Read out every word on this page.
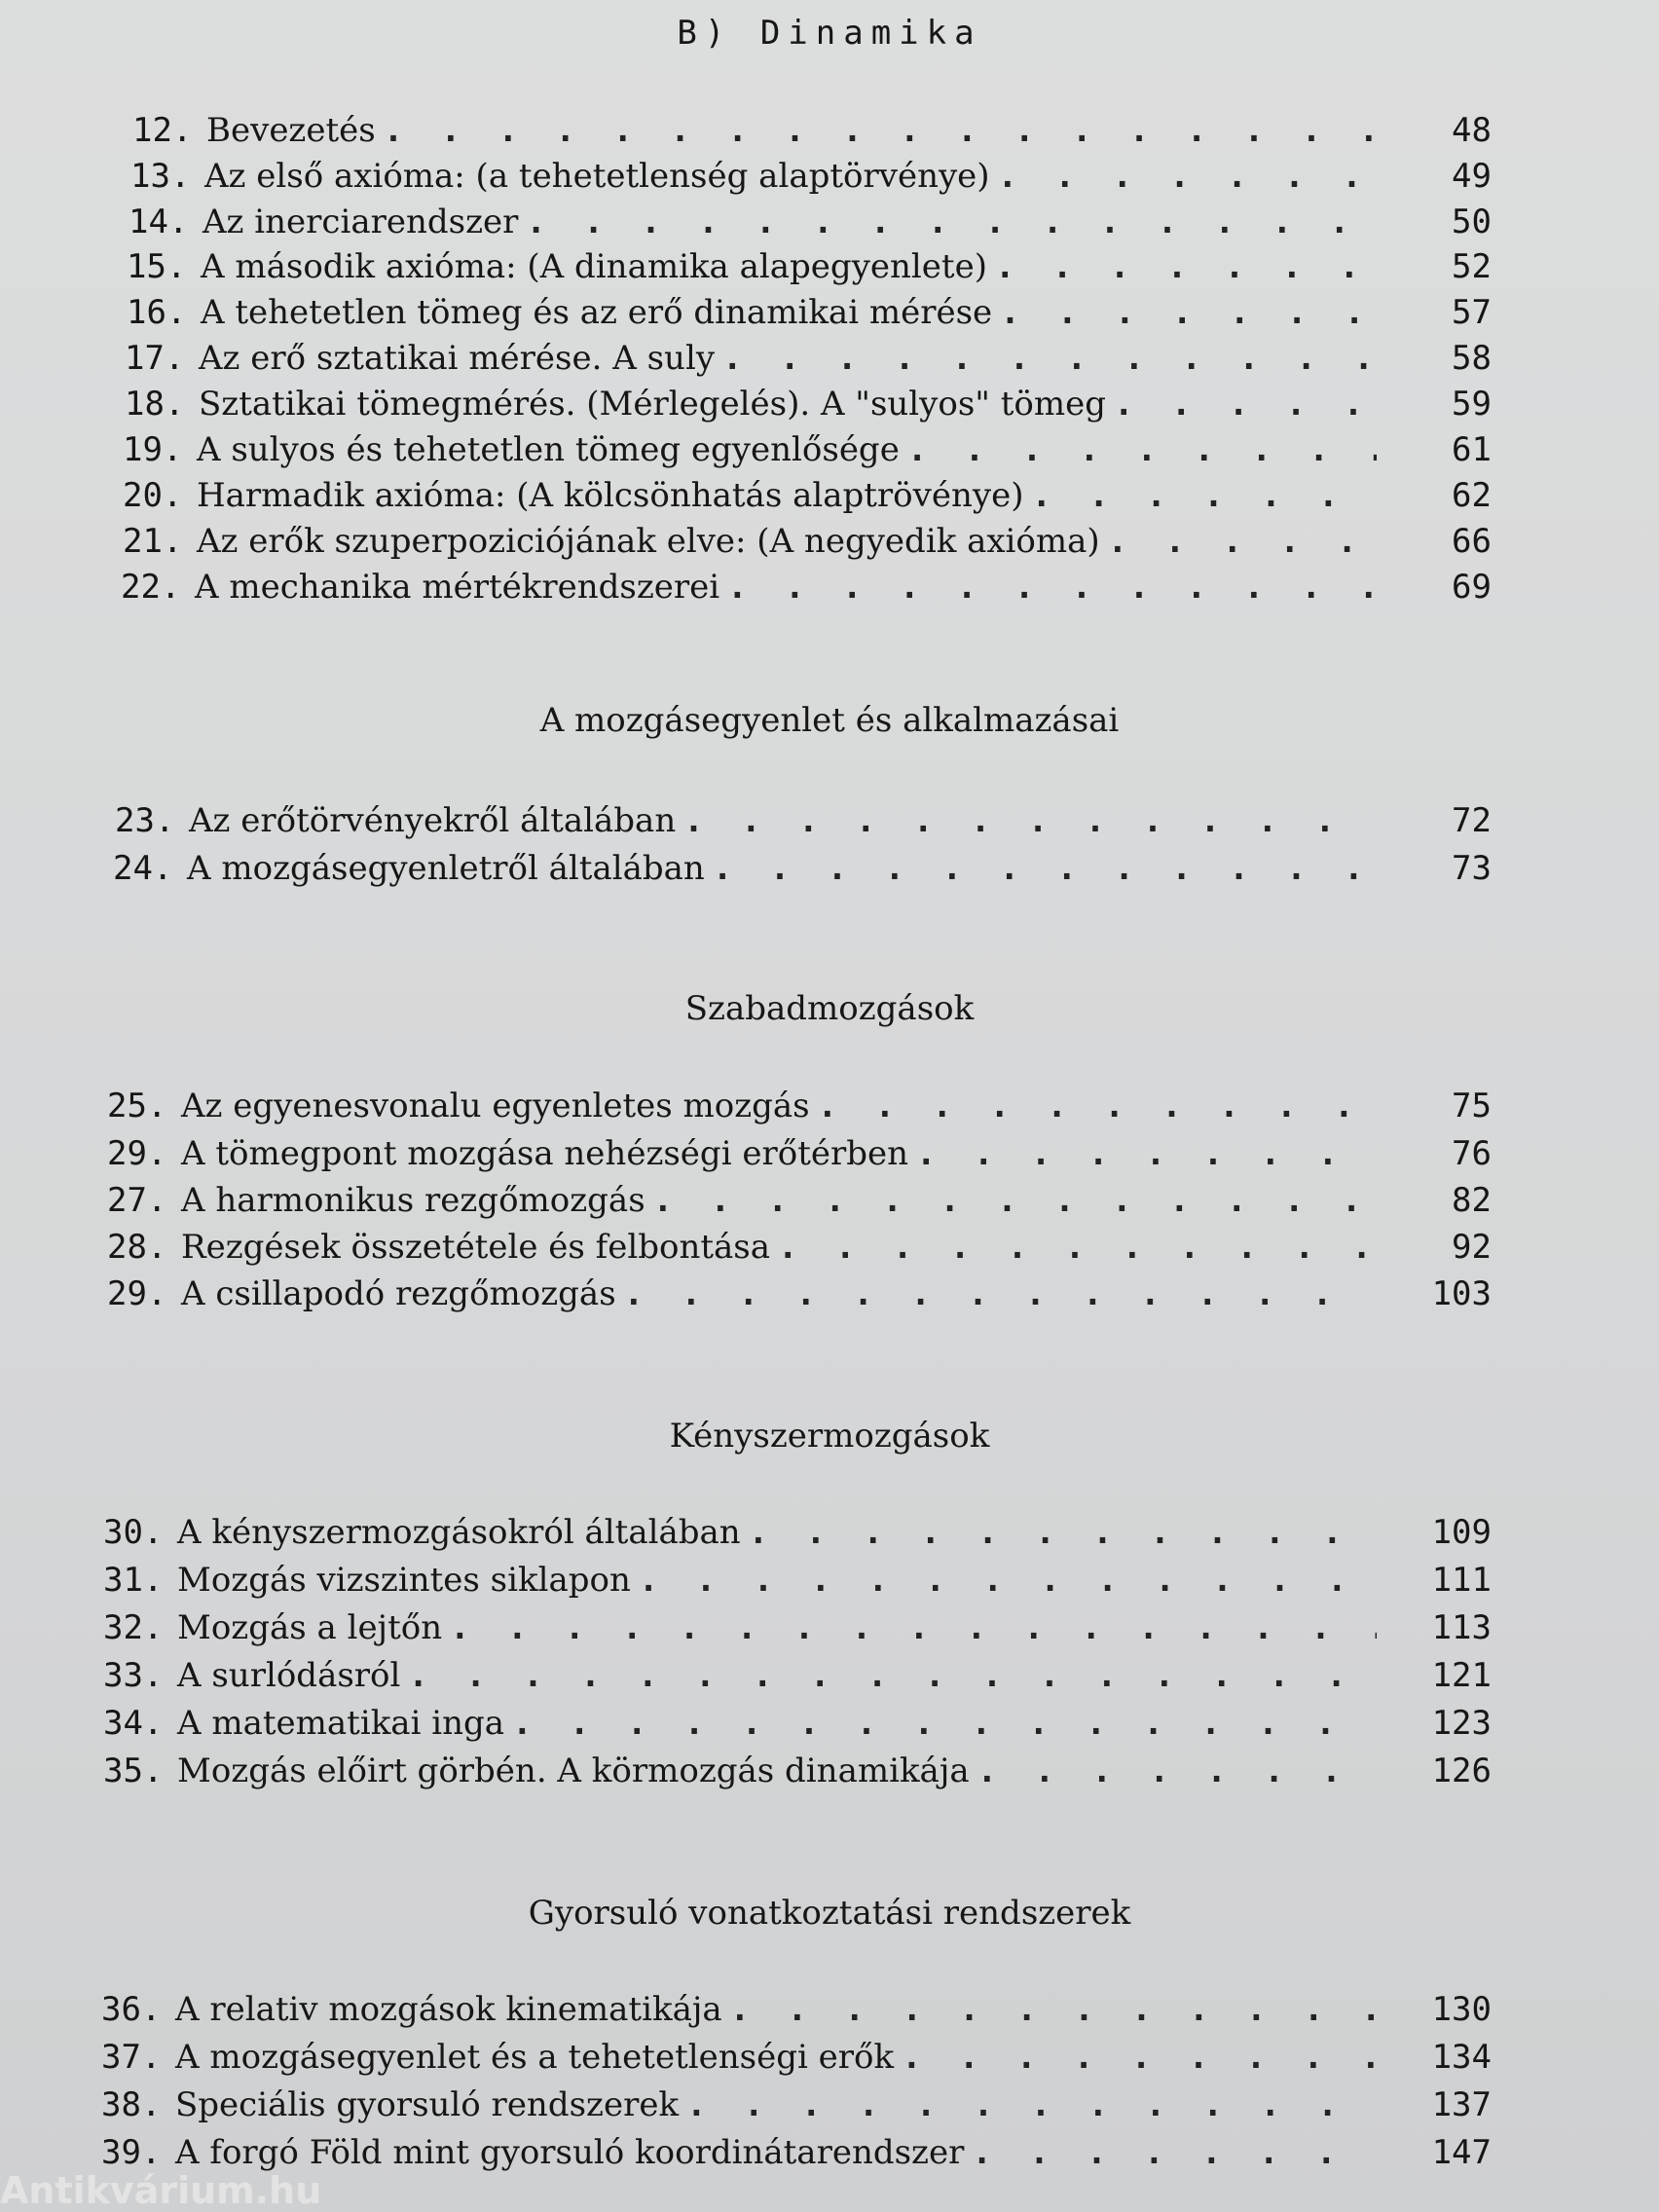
B) Dinamika
12. Bevezetés . . .	48
13. Az első axióma: (a tehetetlenség alaptörvénye) . . .	49
14. Az inerciarendszer . . .	50
15. A második axióma: (A dinamika alapegyenlete) . . .	52
16. A tehetetlen tömeg és az erő dinamikai mérése . . .	57
17. Az erő sztatikai mérése. A suly . . .	58
18. Sztatikai tömegmérés. (Mérlegelés). A "sulyos" tömeg . . .	59
19. A sulyos és tehetetlen tömeg egyenlősége . . .	61
20. Harmadik axióma: (A kölcsönhatás alaptrövénye) . . .	62
21. Az erők szuperpoziciójának elve: (A negyedik axióma) . . .	66
22. A mechanika mértékrendszerei . . .	69
A mozgásegyenlet és alkalmazásai
23. Az erőtörvényekről általában . . .	72
24. A mozgásegyenletről általában . . .	73
Szabadmozgások
25. Az egyenesvonalu egyenletes mozgás . . .	75
29. A tömegpont mozgása nehézségi erőtérben . . .	76
27. A harmonikus rezgőmozgás . . .	82
28. Rezgések összetétele és felbontása . . .	92
29. A csillapodó rezgőmozgás . . .	103
Kényszermozgások
30. A kényszermozgásokról általában . . .	109
31. Mozgás vizszintes siklapon . . .	111
32. Mozgás a lejtőn . . .	113
33. A surlódásról . . .	121
34. A matematikai inga . . .	123
35. Mozgás előirt görbén. A körmozgás dinamikája . . .	126
Gyorsuló vonatkoztatási rendszerek
36. A relativ mozgások kinematikája . . .	130
37. A mozgásegyenlet és a tehetetlenségi erők . . .	134
38. Speciális gyorsuló rendszerek . . .	137
39. A forgó Föld mint gyorsuló koordinátarendszer . . .	147
Antikvárium.hu
